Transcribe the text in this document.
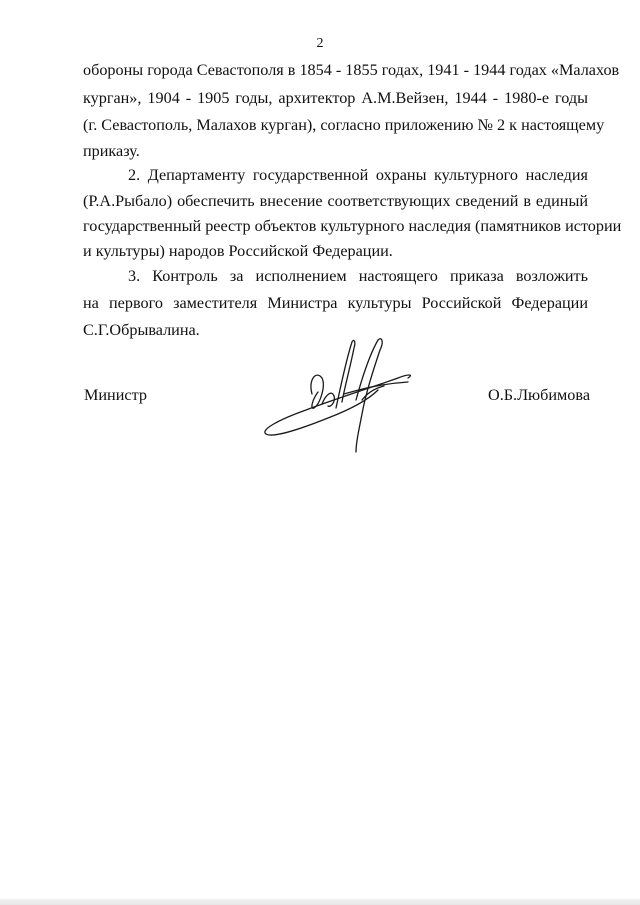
2
обороны города Севастополя в 1854 - 1855 годах, 1941 - 1944 годах «Малахов
курган», 1904 - 1905 годы, архитектор А.М.Вейзен, 1944 - 1980-е годы
(г. Севастополь, Малахов курган), согласно приложению № 2 к настоящему
приказу.
2. Департаменту государственной охраны культурного наследия
(Р.А.Рыбало) обеспечить внесение соответствующих сведений в единый
государственный реестр объектов культурного наследия (памятников истории
и культуры) народов Российской Федерации.
3. Контроль за исполнением настоящего приказа возложить
на первого заместителя Министра культуры Российской Федерации
С.Г.Обрывалина.
Министр	О.Б.Любимова
